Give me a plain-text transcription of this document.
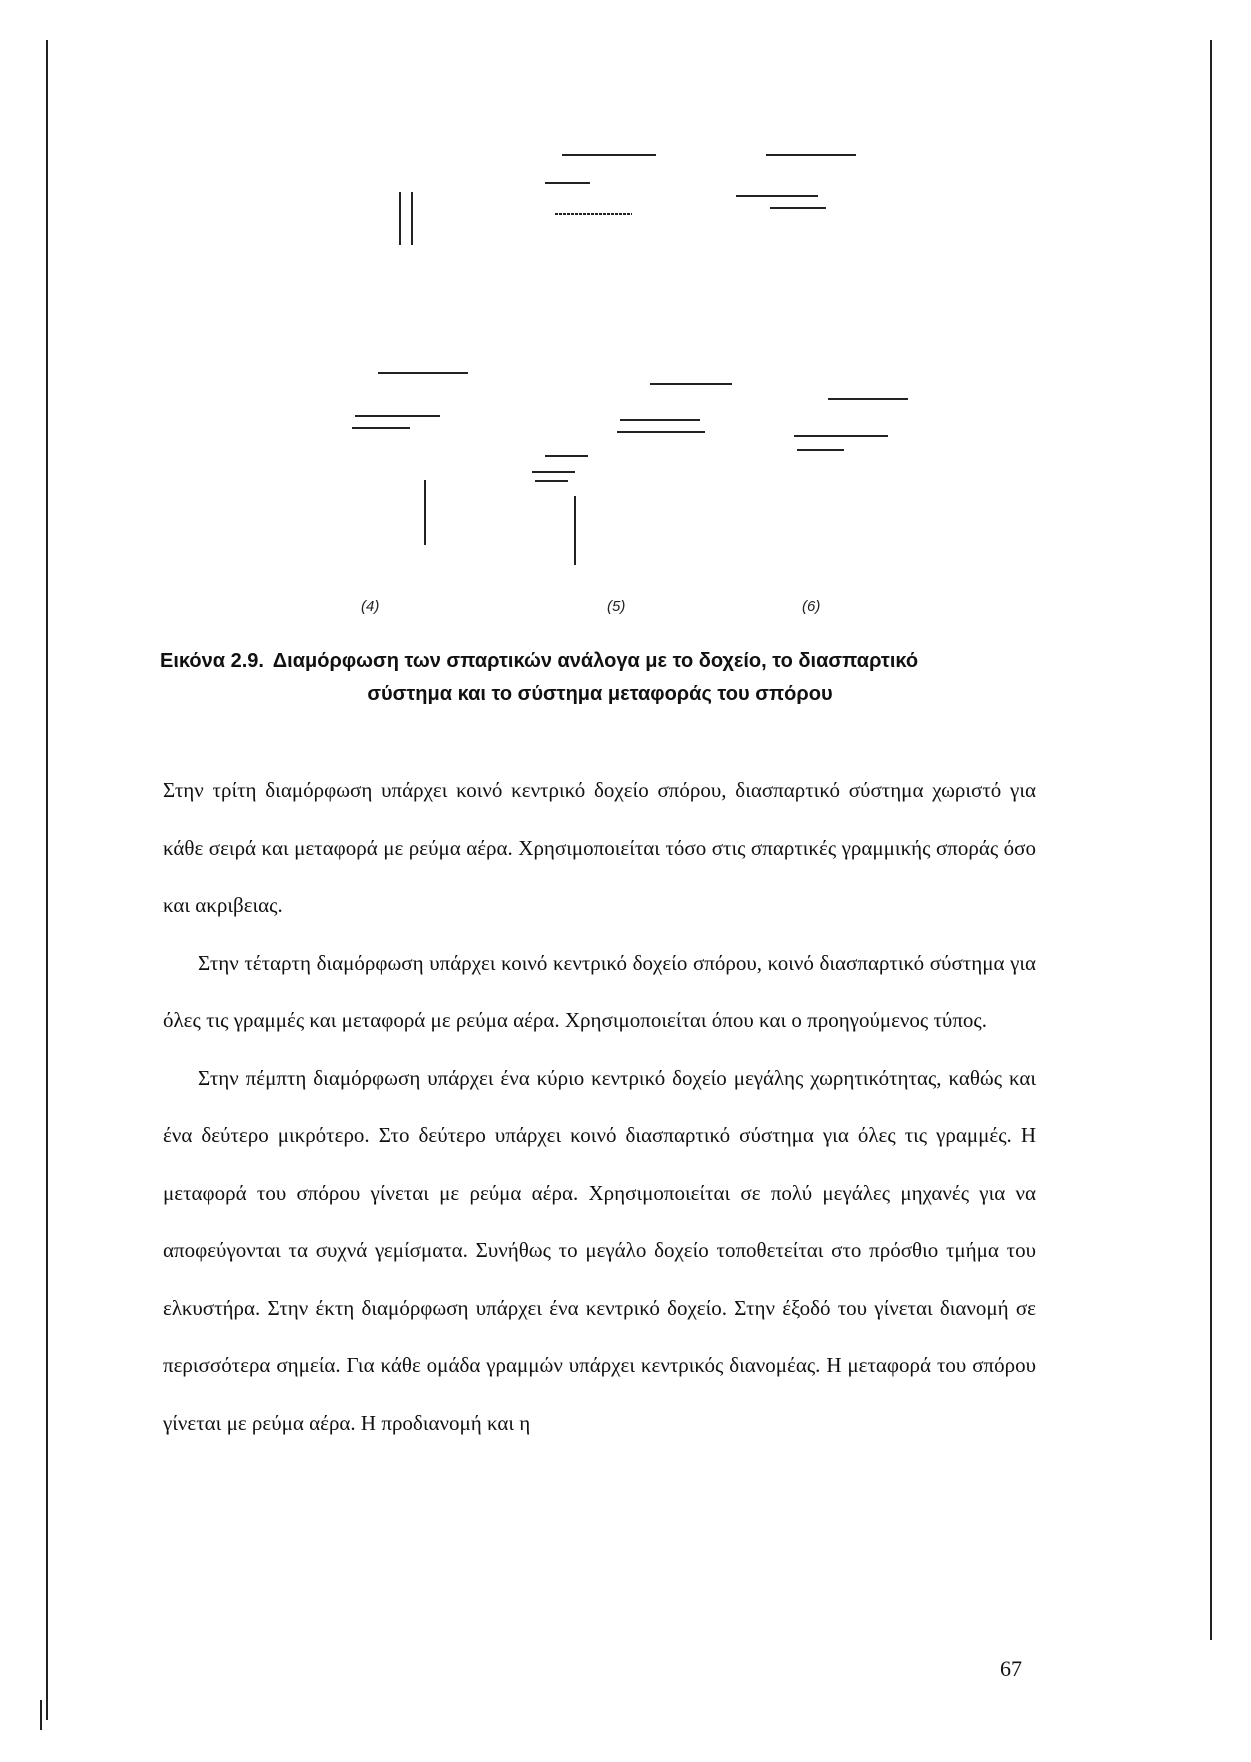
(4)	(5)	(6)
Εικόνα 2.9. Διαμόρφωση των σπαρτικών ανάλογα με το δοχείο, το διασπαρτικό
σύστημα και το σύστημα μεταφοράς του σπόρου

Στην τρίτη διαμόρφωση υπάρχει κοινό κεντρικό δοχείο σπόρου, διασπαρτικό σύστημα χωριστό για κάθε σειρά και μεταφορά με ρεύμα αέρα. Χρησιμοποιείται τόσο στις σπαρτικές γραμμικής σποράς όσο και ακριβειας.

Στην τέταρτη διαμόρφωση υπάρχει κοινό κεντρικό δοχείο σπόρου, κοινό διασπαρτικό σύστημα για όλες τις γραμμές και μεταφορά με ρεύμα αέρα. Χρησιμοποιείται όπου και ο προηγούμενος τύπος.

Στην πέμπτη διαμόρφωση υπάρχει ένα κύριο κεντρικό δοχείο μεγάλης χωρητικότητας, καθώς και ένα δεύτερο μικρότερο. Στο δεύτερο υπάρχει κοινό διασπαρτικό σύστημα για όλες τις γραμμές. Η μεταφορά του σπόρου γίνεται με ρεύμα αέρα. Χρησιμοποιείται σε πολύ μεγάλες μηχανές για να αποφεύγονται τα συχνά γεμίσματα. Συνήθως το μεγάλο δοχείο τοποθετείται στο πρόσθιο τμήμα του ελκυστήρα. Στην έκτη διαμόρφωση υπάρχει ένα κεντρικό δοχείο. Στην έξοδό του γίνεται διανομή σε περισσότερα σημεία. Για κάθε ομάδα γραμμών υπάρχει κεντρικός διανομέας. Η μεταφορά του σπόρου γίνεται με ρεύμα αέρα. Η προδιανομή και η

67
